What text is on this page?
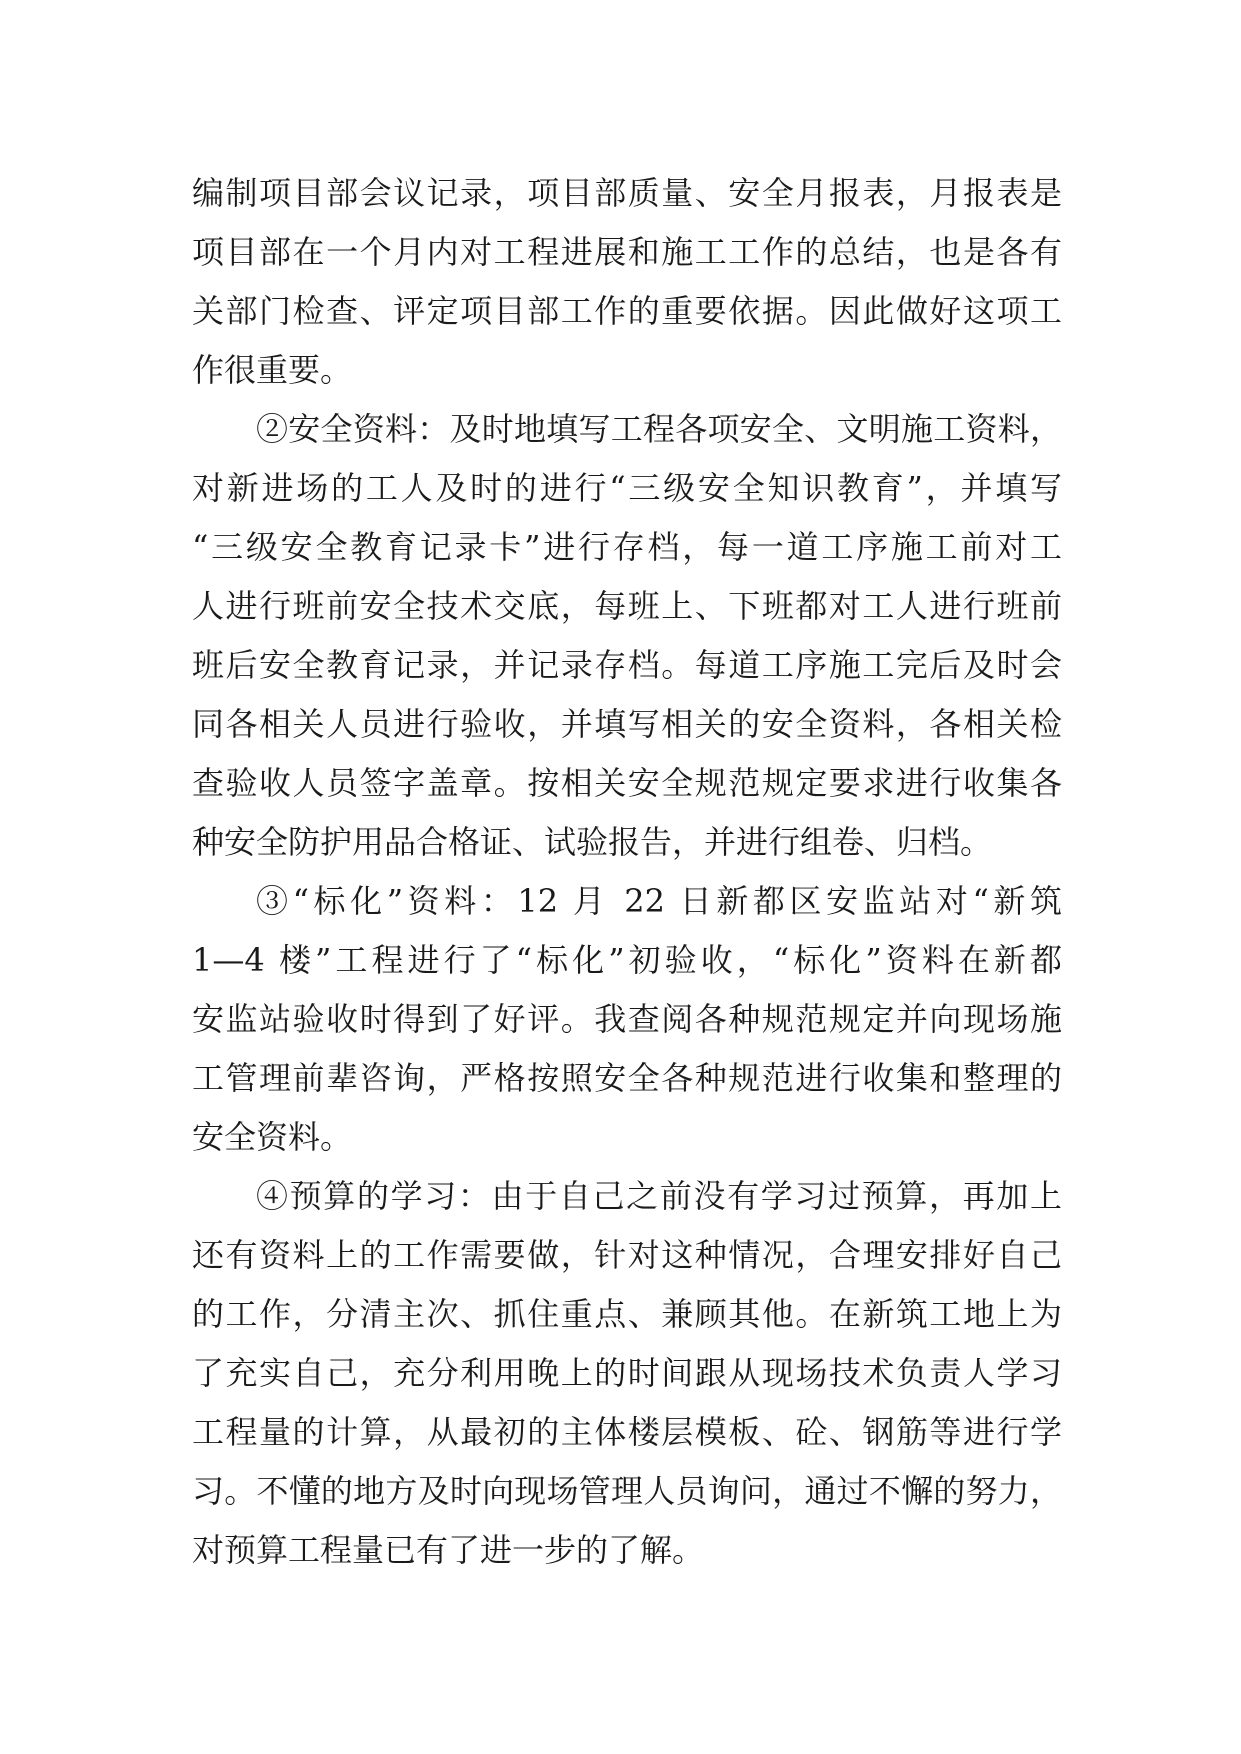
编制项目部会议记录，项目部质量、安全月报表，月报表是
项目部在一个月内对工程进展和施工工作的总结，也是各有
关部门检查、评定项目部工作的重要依据。因此做好这项工
作很重要。
②安全资料：及时地填写工程各项安全、文明施工资料，
对新进场的工人及时的进行“三级安全知识教育”，并填写
“三级安全教育记录卡”进行存档，每一道工序施工前对工
人进行班前安全技术交底，每班上、下班都对工人进行班前
班后安全教育记录，并记录存档。每道工序施工完后及时会
同各相关人员进行验收，并填写相关的安全资料，各相关检
查验收人员签字盖章。按相关安全规范规定要求进行收集各
种安全防护用品合格证、试验报告，并进行组卷、归档。
③“标化”资料：12 月 22 日新都区安监站对“新筑
1—4 楼”工程进行了“标化”初验收，“标化”资料在新都
安监站验收时得到了好评。我查阅各种规范规定并向现场施
工管理前辈咨询，严格按照安全各种规范进行收集和整理的
安全资料。
④预算的学习：由于自己之前没有学习过预算，再加上
还有资料上的工作需要做，针对这种情况，合理安排好自己
的工作，分清主次、抓住重点、兼顾其他。在新筑工地上为
了充实自己，充分利用晚上的时间跟从现场技术负责人学习
工程量的计算，从最初的主体楼层模板、砼、钢筋等进行学
习。不懂的地方及时向现场管理人员询问，通过不懈的努力，
对预算工程量已有了进一步的了解。
